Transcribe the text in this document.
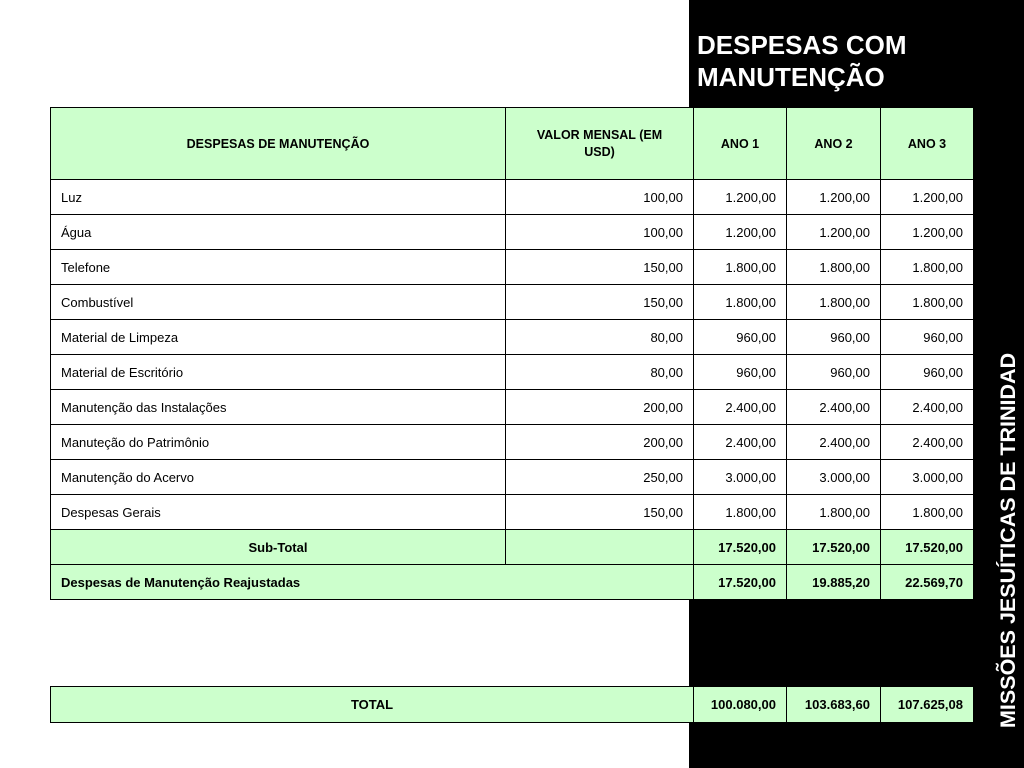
DESPESAS COM MANUTENÇÃO
MISSÕES JESUÍTICAS DE TRINIDAD
DESPESAS DE MANUTENÇÃO	VALOR MENSAL (EM USD)	ANO 1	ANO 2	ANO 3
Luz	100,00	1.200,00	1.200,00	1.200,00
Água	100,00	1.200,00	1.200,00	1.200,00
Telefone	150,00	1.800,00	1.800,00	1.800,00
Combustível	150,00	1.800,00	1.800,00	1.800,00
Material de Limpeza	80,00	960,00	960,00	960,00
Material de Escritório	80,00	960,00	960,00	960,00
Manutenção das Instalações	200,00	2.400,00	2.400,00	2.400,00
Manuteção do Patrimônio	200,00	2.400,00	2.400,00	2.400,00
Manutenção do Acervo	250,00	3.000,00	3.000,00	3.000,00
Despesas Gerais	150,00	1.800,00	1.800,00	1.800,00
Sub-Total		17.520,00	17.520,00	17.520,00
Despesas de Manutenção Reajustadas		17.520,00	19.885,20	22.569,70
TOTAL	100.080,00	103.683,60	107.625,08
